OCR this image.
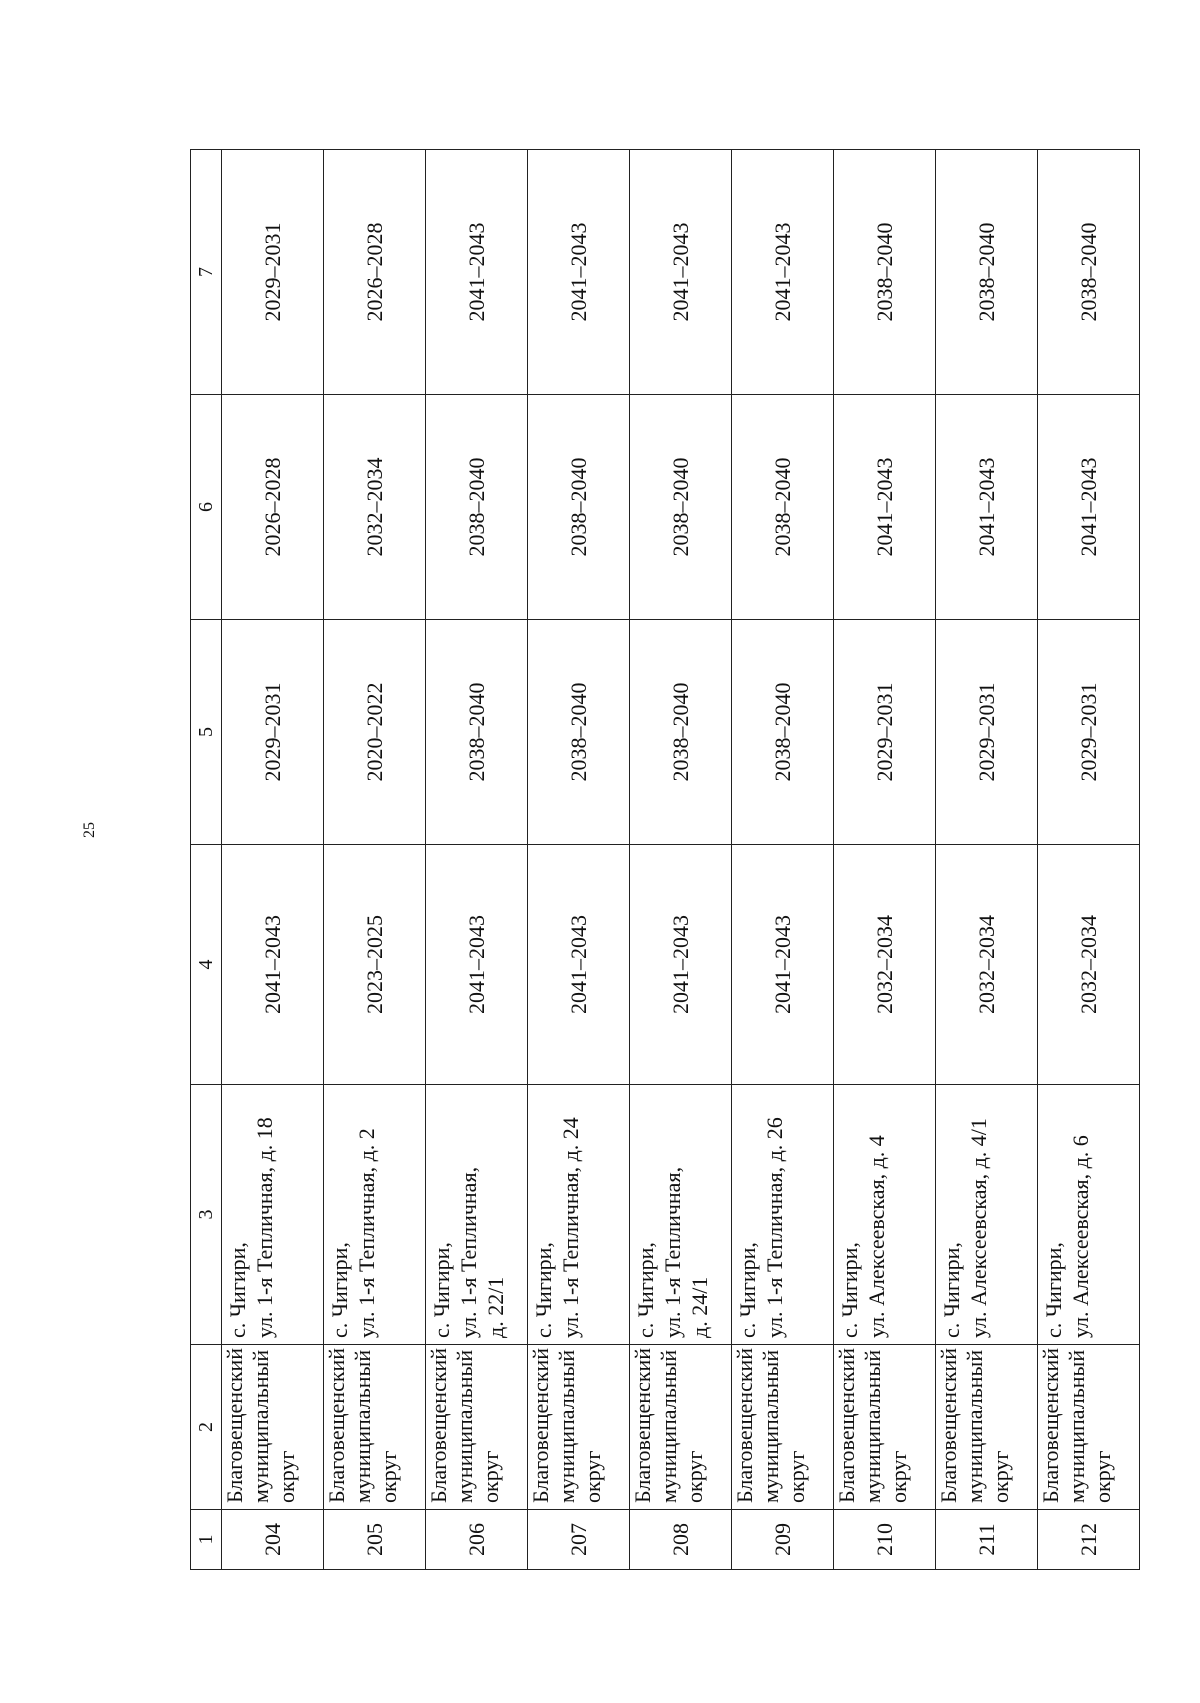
25
1	2	3	4	5	6	7
204	Благовещенский муниципальный округ	с. Чигири, ул. 1-я Тепличная, д. 18	2041–2043	2029–2031	2026–2028	2029–2031
205	Благовещенский муниципальный округ	с. Чигири, ул. 1-я Тепличная, д. 2	2023–2025	2020–2022	2032–2034	2026–2028
206	Благовещенский муниципальный округ	с. Чигири, ул. 1-я Тепличная, д. 22/1	2041–2043	2038–2040	2038–2040	2041–2043
207	Благовещенский муниципальный округ	с. Чигири, ул. 1-я Тепличная, д. 24	2041–2043	2038–2040	2038–2040	2041–2043
208	Благовещенский муниципальный округ	с. Чигири, ул. 1-я Тепличная, д. 24/1	2041–2043	2038–2040	2038–2040	2041–2043
209	Благовещенский муниципальный округ	с. Чигири, ул. 1-я Тепличная, д. 26	2041–2043	2038–2040	2038–2040	2041–2043
210	Благовещенский муниципальный округ	с. Чигири, ул. Алексеевская, д. 4	2032–2034	2029–2031	2041–2043	2038–2040
211	Благовещенский муниципальный округ	с. Чигири, ул. Алексеевская, д. 4/1	2032–2034	2029–2031	2041–2043	2038–2040
212	Благовещенский муниципальный округ	с. Чигири, ул. Алексеевская, д. 6	2032–2034	2029–2031	2041–2043	2038–2040
